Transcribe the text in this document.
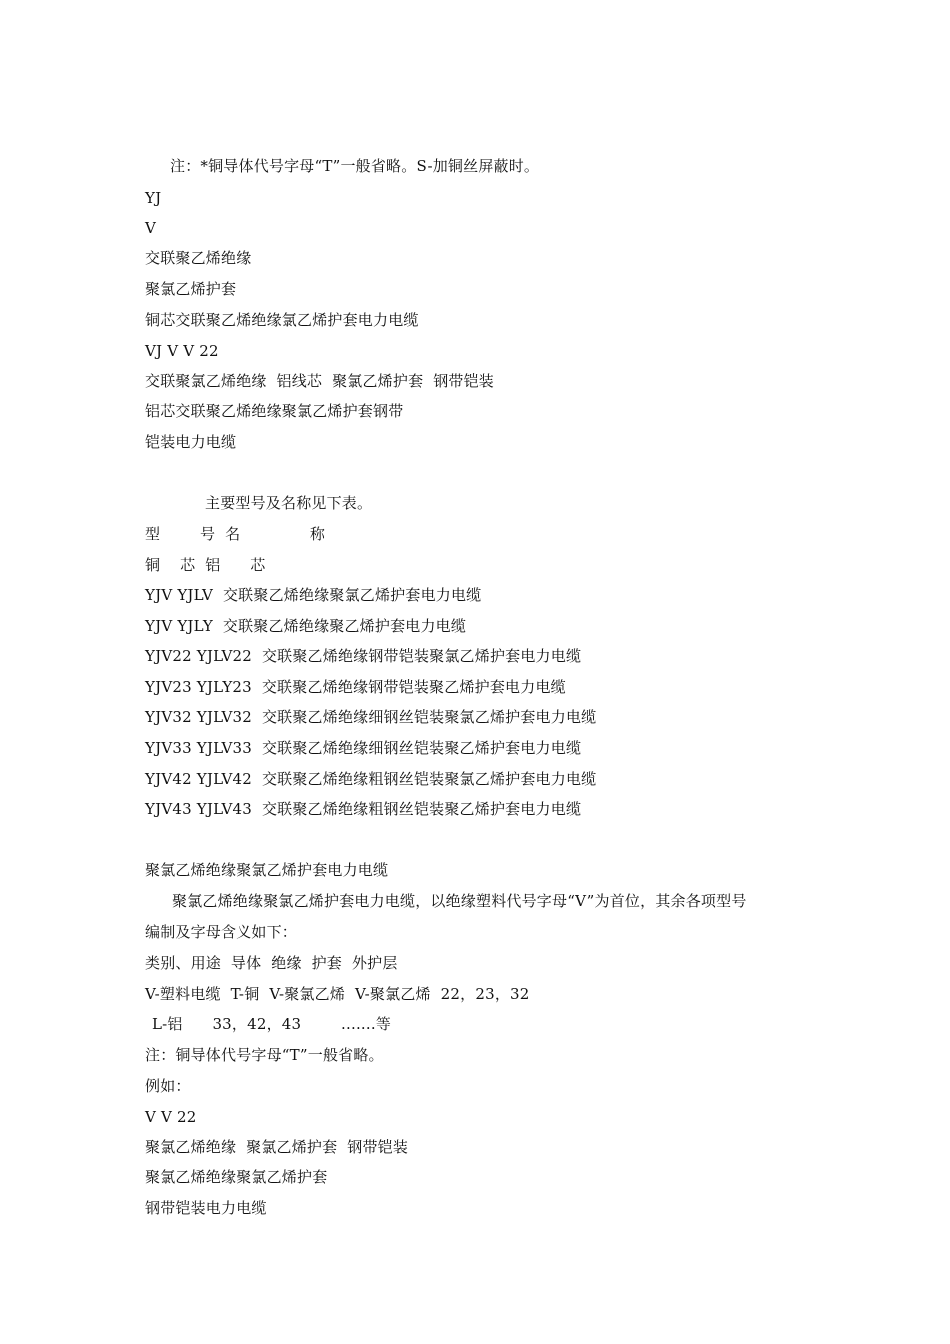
注：*铜导体代号字母“T”一般省略。S-加铜丝屏蔽时。
YJ
V
交联聚乙烯绝缘
聚氯乙烯护套
铜芯交联聚乙烯绝缘氯乙烯护套电力电缆
VJ V V 22
交联聚氯乙烯绝缘  铝线芯  聚氯乙烯护套  钢带铠装
铝芯交联聚乙烯绝缘聚氯乙烯护套钢带
铠装电力电缆
主要型号及名称见下表。
型        号  名              称
铜    芯  铝      芯
YJV YJLV  交联聚乙烯绝缘聚氯乙烯护套电力电缆
YJV YJLY  交联聚乙烯绝缘聚乙烯护套电力电缆
YJV22 YJLV22  交联聚乙烯绝缘钢带铠装聚氯乙烯护套电力电缆
YJV23 YJLY23  交联聚乙烯绝缘钢带铠装聚乙烯护套电力电缆
YJV32 YJLV32  交联聚乙烯绝缘细钢丝铠装聚氯乙烯护套电力电缆
YJV33 YJLV33  交联聚乙烯绝缘细钢丝铠装聚乙烯护套电力电缆
YJV42 YJLV42  交联聚乙烯绝缘粗钢丝铠装聚氯乙烯护套电力电缆
YJV43 YJLV43  交联聚乙烯绝缘粗钢丝铠装聚乙烯护套电力电缆
聚氯乙烯绝缘聚氯乙烯护套电力电缆
聚氯乙烯绝缘聚氯乙烯护套电力电缆，以绝缘塑料代号字母“V”为首位，其余各项型号
编制及字母含义如下：
类别、用途  导体  绝缘  护套  外护层
V-塑料电缆  T-铜  V-聚氯乙烯  V-聚氯乙烯  22，23，32
L-铝      33，42，43        .......等
注：铜导体代号字母“T”一般省略。
例如：
V V 22
聚氯乙烯绝缘  聚氯乙烯护套  钢带铠装
聚氯乙烯绝缘聚氯乙烯护套
钢带铠装电力电缆
